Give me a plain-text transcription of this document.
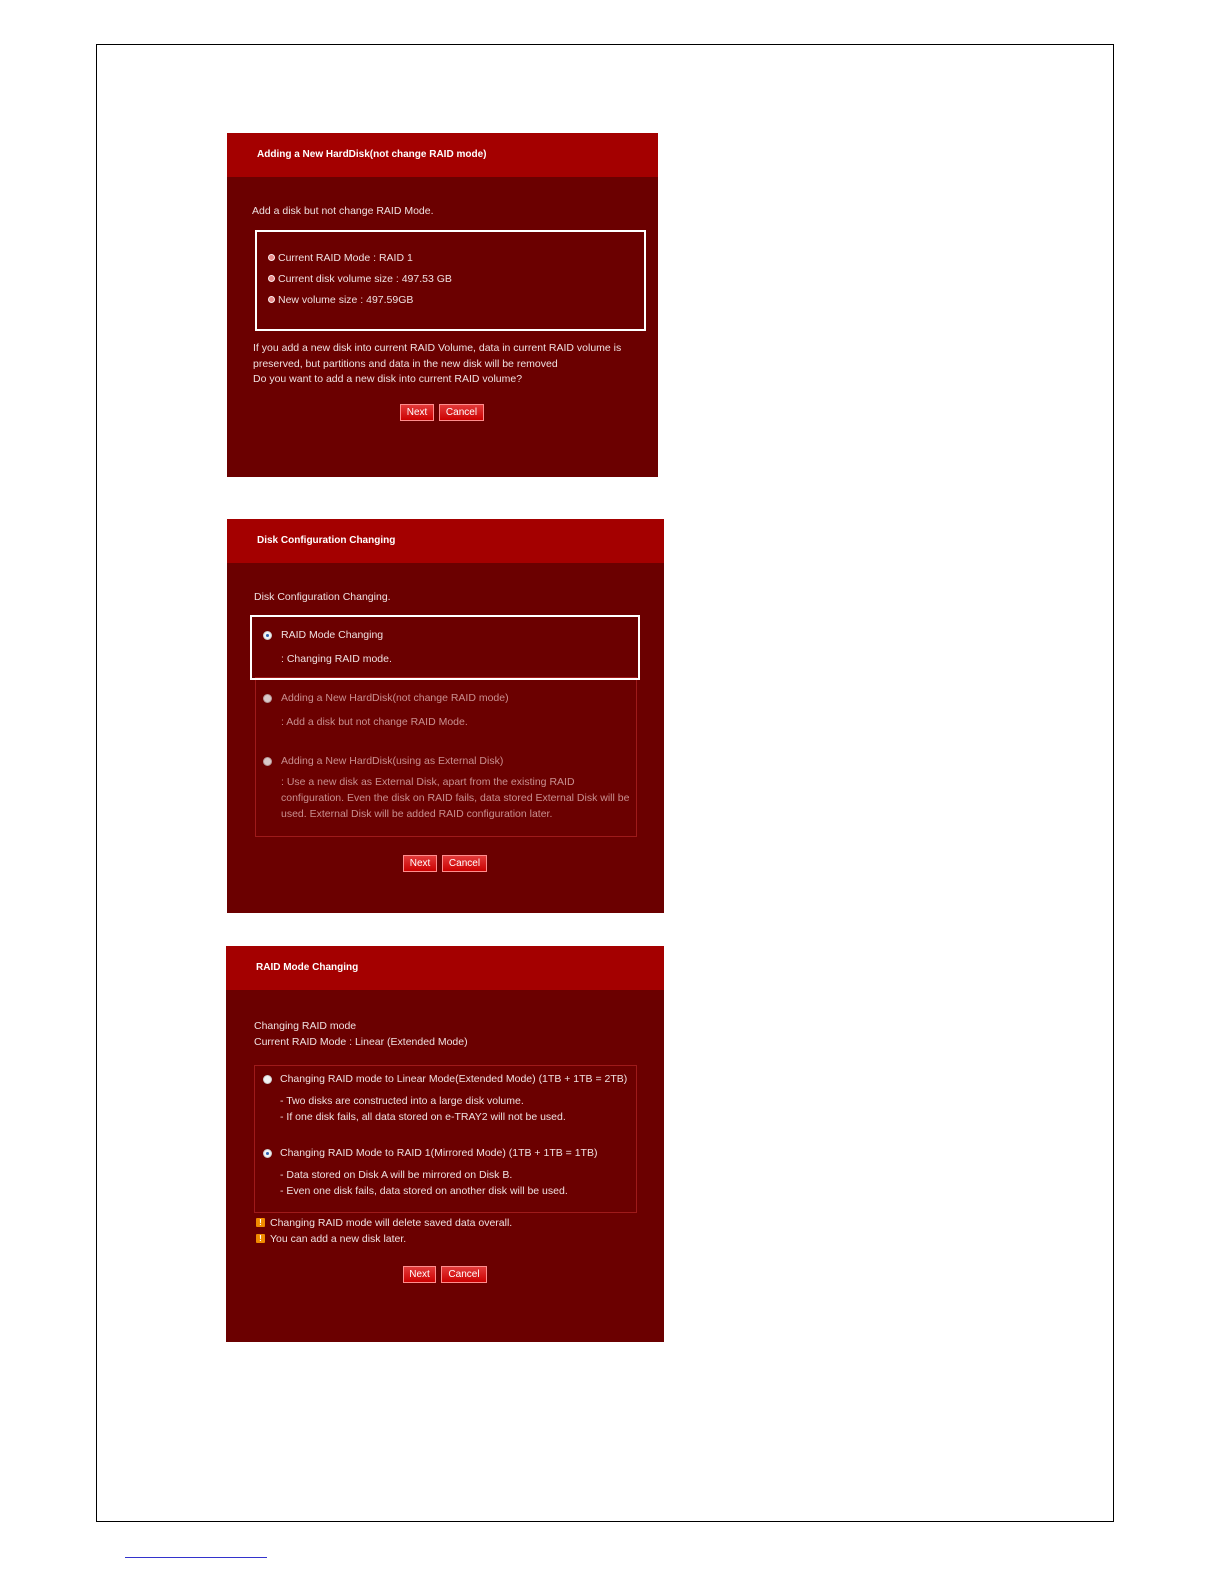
Adding a New HardDisk(not change RAID mode)
Add a disk but not change RAID Mode.
Current RAID Mode : RAID 1
Current disk volume size : 497.53 GB
New volume size : 497.59GB
If you add a new disk into current RAID Volume, data in current RAID volume is
preserved, but partitions and data in the new disk will be removed
Do you want to add a new disk into current RAID volume?
Next	Cancel
Disk Configuration Changing
Disk Configuration Changing.
RAID Mode Changing
: Changing RAID mode.
Adding a New HardDisk(not change RAID mode)
: Add a disk but not change RAID Mode.
Adding a New HardDisk(using as External Disk)
: Use a new disk as External Disk, apart from the existing RAID
configuration. Even the disk on RAID fails, data stored External Disk will be
used. External Disk will be added RAID configuration later.
Next	Cancel
RAID Mode Changing
Changing RAID mode
Current RAID Mode : Linear (Extended Mode)
Changing RAID mode to Linear Mode(Extended Mode) (1TB + 1TB = 2TB)
- Two disks are constructed into a large disk volume.
- If one disk fails, all data stored on e-TRAY2 will not be used.
Changing RAID Mode to RAID 1(Mirrored Mode) (1TB + 1TB = 1TB)
- Data stored on Disk A will be mirrored on Disk B.
- Even one disk fails, data stored on another disk will be used.
! Changing RAID mode will delete saved data overall.
! You can add a new disk later.
Next	Cancel
